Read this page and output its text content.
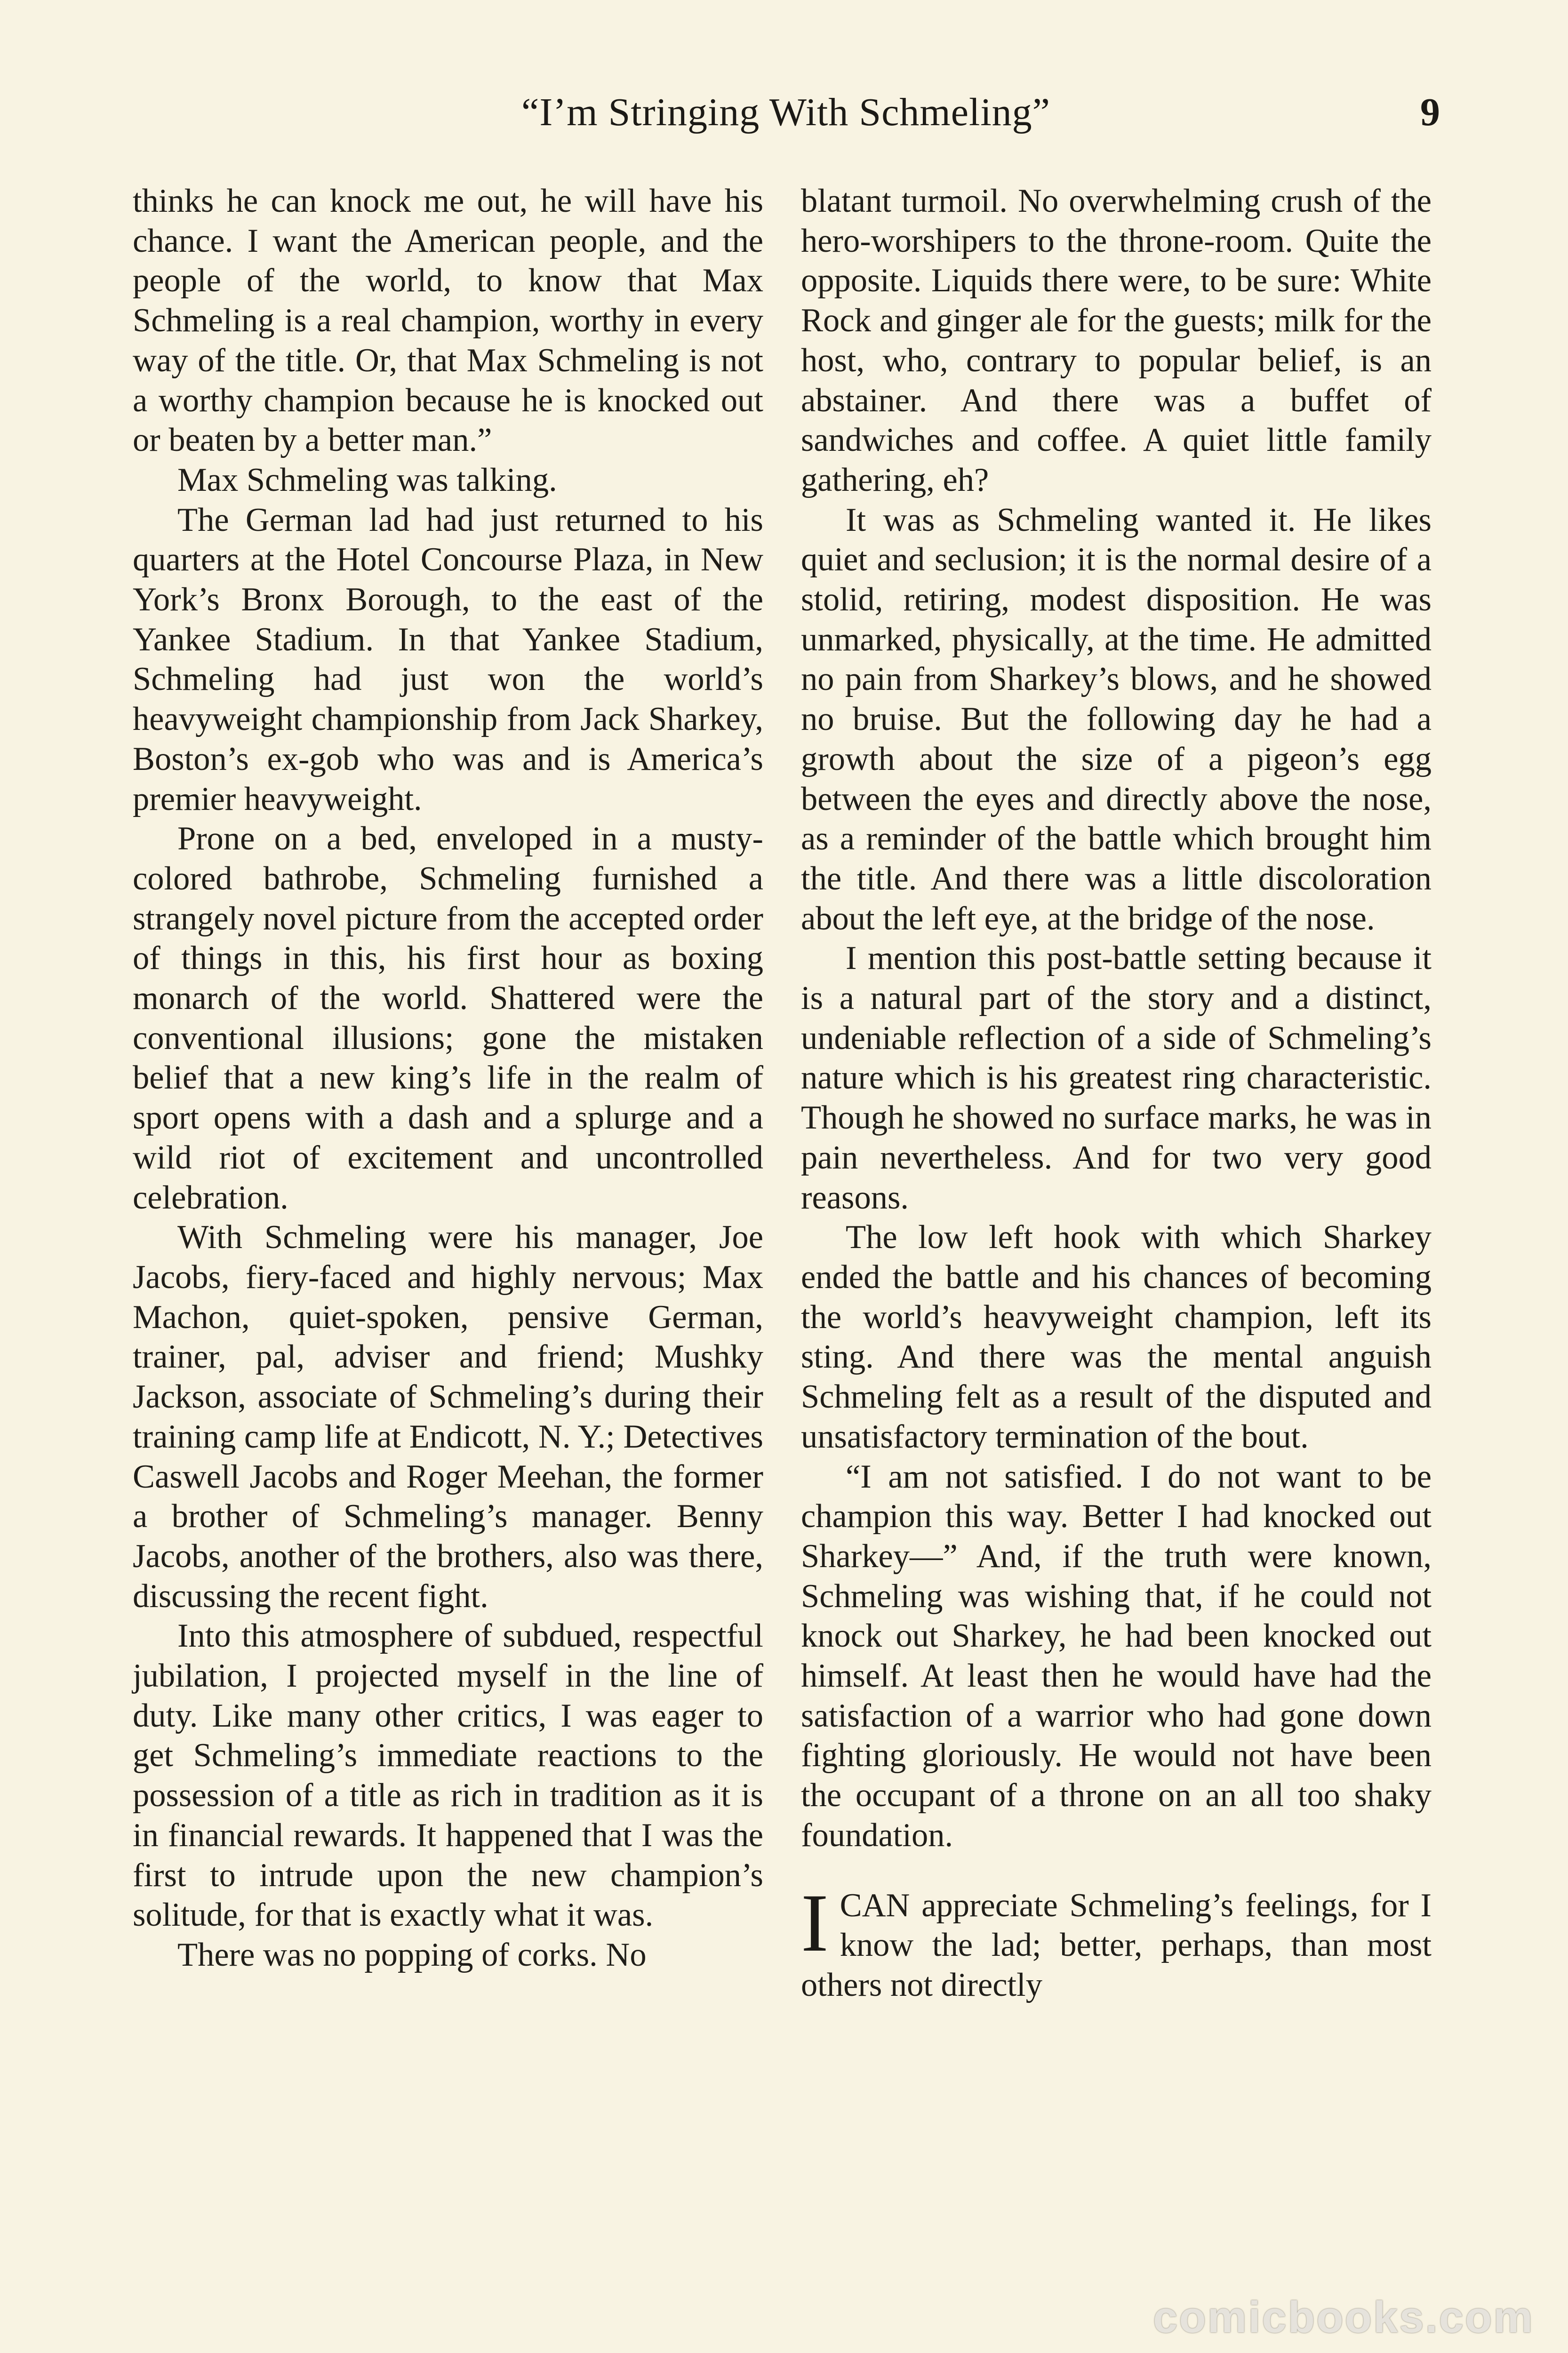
“I’m Stringing With Schmeling”	9

thinks he can knock me out, he will have his chance. I want the American people, and the people of the world, to know that Max Schmeling is a real champion, worthy in every way of the title. Or, that Max Schmeling is not a worthy champion because he is knocked out or beaten by a better man.”

Max Schmeling was talking.

The German lad had just returned to his quarters at the Hotel Concourse Plaza, in New York’s Bronx Borough, to the east of the Yankee Stadium. In that Yankee Stadium, Schmeling had just won the world’s heavyweight championship from Jack Sharkey, Boston’s ex-gob who was and is America’s premier heavyweight.

Prone on a bed, enveloped in a musty-colored bathrobe, Schmeling furnished a strangely novel picture from the accepted order of things in this, his first hour as boxing monarch of the world. Shattered were the conventional illusions; gone the mistaken belief that a new king’s life in the realm of sport opens with a dash and a splurge and a wild riot of excitement and uncontrolled celebration.

With Schmeling were his manager, Joe Jacobs, fiery-faced and highly nervous; Max Machon, quiet-spoken, pensive German, trainer, pal, adviser and friend; Mushky Jackson, associate of Schmeling’s during their training camp life at Endicott, N. Y.; Detectives Caswell Jacobs and Roger Meehan, the former a brother of Schmeling’s manager. Benny Jacobs, another of the brothers, also was there, discussing the recent fight.

Into this atmosphere of subdued, respectful jubilation, I projected myself in the line of duty. Like many other critics, I was eager to get Schmeling’s immediate reactions to the possession of a title as rich in tradition as it is in financial rewards. It happened that I was the first to intrude upon the new champion’s solitude, for that is exactly what it was.

There was no popping of corks. No

blatant turmoil. No overwhelming crush of the hero-worshipers to the throne-room. Quite the opposite. Liquids there were, to be sure: White Rock and ginger ale for the guests; milk for the host, who, contrary to popular belief, is an abstainer. And there was a buffet of sandwiches and coffee. A quiet little family gathering, eh?

It was as Schmeling wanted it. He likes quiet and seclusion; it is the normal desire of a stolid, retiring, modest disposition. He was unmarked, physically, at the time. He admitted no pain from Sharkey’s blows, and he showed no bruise. But the following day he had a growth about the size of a pigeon’s egg between the eyes and directly above the nose, as a reminder of the battle which brought him the title. And there was a little discoloration about the left eye, at the bridge of the nose.

I mention this post-battle setting because it is a natural part of the story and a distinct, undeniable reflection of a side of Schmeling’s nature which is his greatest ring characteristic. Though he showed no surface marks, he was in pain nevertheless. And for two very good reasons.

The low left hook with which Sharkey ended the battle and his chances of becoming the world’s heavyweight champion, left its sting. And there was the mental anguish Schmeling felt as a result of the disputed and unsatisfactory termination of the bout.

“I am not satisfied. I do not want to be champion this way. Better I had knocked out Sharkey—” And, if the truth were known, Schmeling was wishing that, if he could not knock out Sharkey, he had been knocked out himself. At least then he would have had the satisfaction of a warrior who had gone down fighting gloriously. He would not have been the occupant of a throne on an all too shaky foundation.

ICAN appreciate Schmeling’s feelings, for I know the lad; better, perhaps, than most others not directly

comicbooks.com
